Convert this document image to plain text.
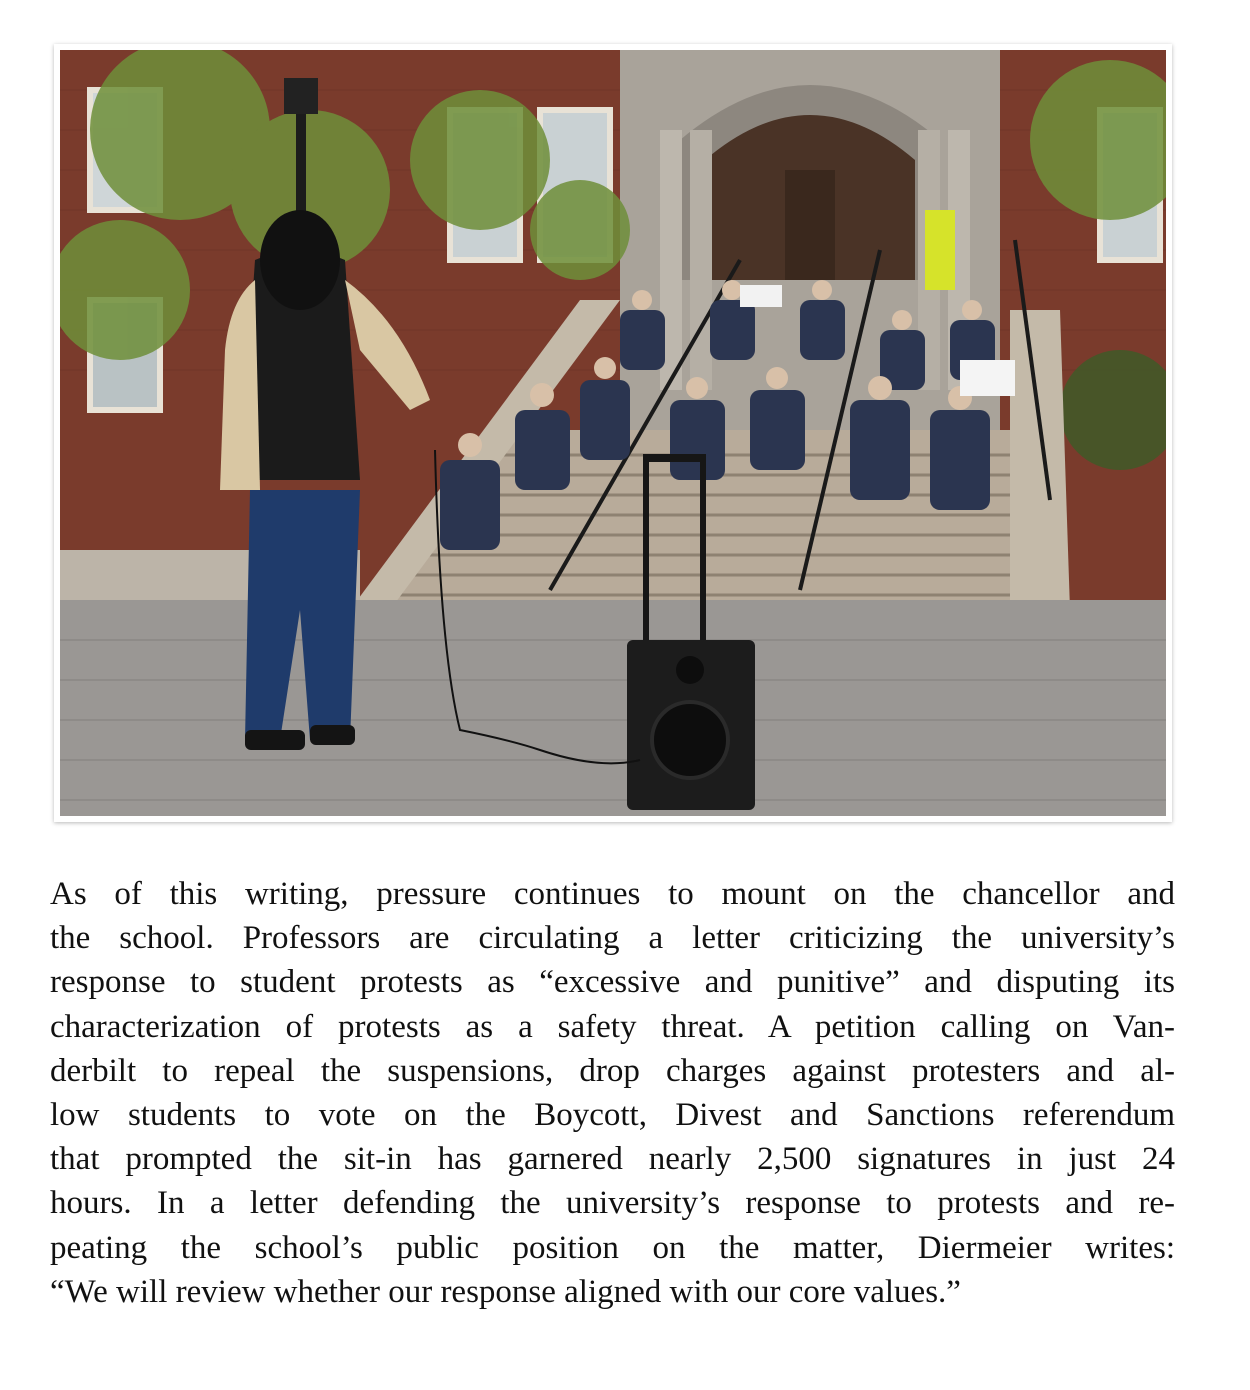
As of this writing, pressure continues to mount on the chancellor and
the school. Professors are circulating a letter criticizing the university’s
response to student protests as “excessive and punitive” and disputing its
characterization of protests as a safety threat. A petition calling on Van-
derbilt to repeal the suspensions, drop charges against protesters and al-
low students to vote on the Boycott, Divest and Sanctions referendum
that prompted the sit-in has garnered nearly 2,500 signatures in just 24
hours. In a letter defending the university’s response to protests and re-
peating the school’s public position on the matter, Diermeier writes:
“We will review whether our response aligned with our core values.”
